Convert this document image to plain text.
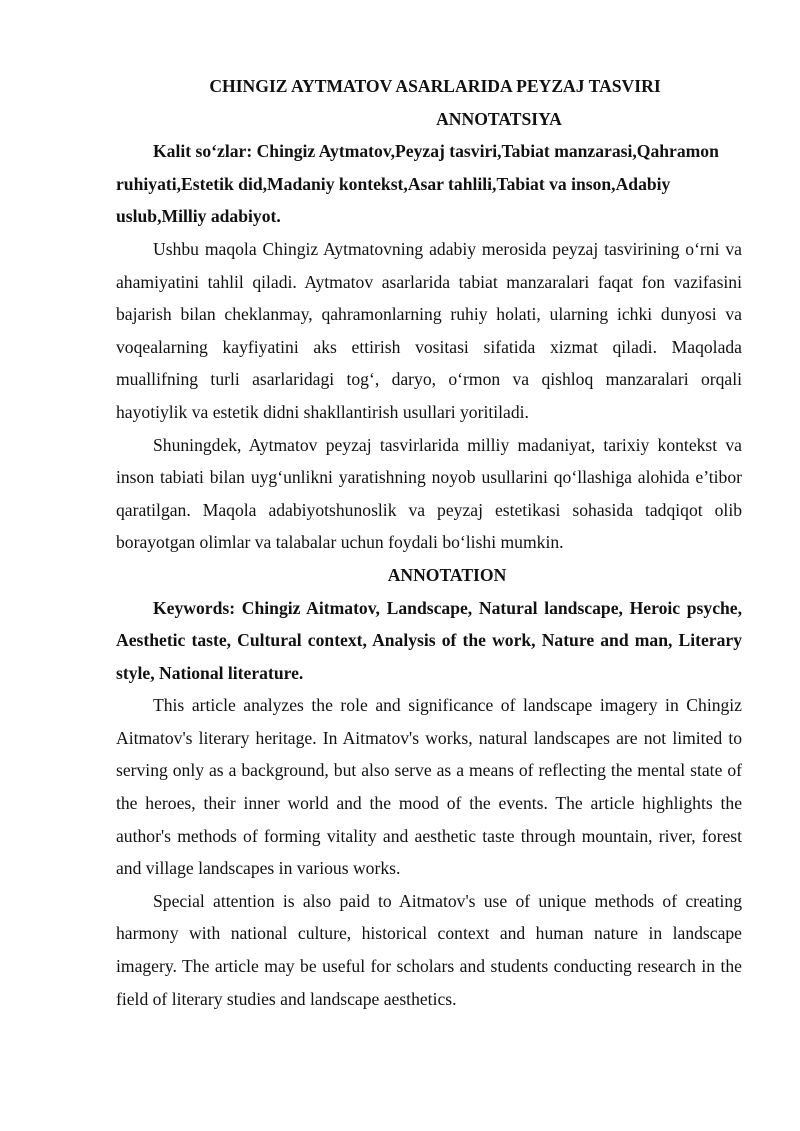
CHINGIZ AYTMATOV ASARLARIDA PEYZAJ TASVIRI
ANNOTATSIYA

Kalit so‘zlar: Chingiz Aytmatov,Peyzaj tasviri,Tabiat manzarasi,Qahramon ruhiyati,Estetik did,Madaniy kontekst,Asar tahlili,Tabiat va inson,Adabiy uslub,Milliy adabiyot.

Ushbu maqola Chingiz Aytmatovning adabiy merosida peyzaj tasvirining o‘rni va ahamiyatini tahlil qiladi. Aytmatov asarlarida tabiat manzaralari faqat fon vazifasini bajarish bilan cheklanmay, qahramonlarning ruhiy holati, ularning ichki dunyosi va voqealarning kayfiyatini aks ettirish vositasi sifatida xizmat qiladi. Maqolada muallifning turli asarlaridagi tog‘, daryo, o‘rmon va qishloq manzaralari orqali hayotiylik va estetik didni shakllantirish usullari yoritiladi.

Shuningdek, Aytmatov peyzaj tasvirlarida milliy madaniyat, tarixiy kontekst va inson tabiati bilan uyg‘unlikni yaratishning noyob usullarini qo‘llashiga alohida e’tibor qaratilgan. Maqola adabiyotshunoslik va peyzaj estetikasi sohasida tadqiqot olib borayotgan olimlar va talabalar uchun foydali bo‘lishi mumkin.

ANNOTATION

Keywords: Chingiz Aitmatov, Landscape, Natural landscape, Heroic psyche, Aesthetic taste, Cultural context, Analysis of the work, Nature and man, Literary style, National literature.

This article analyzes the role and significance of landscape imagery in Chingiz Aitmatov's literary heritage. In Aitmatov's works, natural landscapes are not limited to serving only as a background, but also serve as a means of reflecting the mental state of the heroes, their inner world and the mood of the events. The article highlights the author's methods of forming vitality and aesthetic taste through mountain, river, forest and village landscapes in various works.

Special attention is also paid to Aitmatov's use of unique methods of creating harmony with national culture, historical context and human nature in landscape imagery. The article may be useful for scholars and students conducting research in the field of literary studies and landscape aesthetics.
